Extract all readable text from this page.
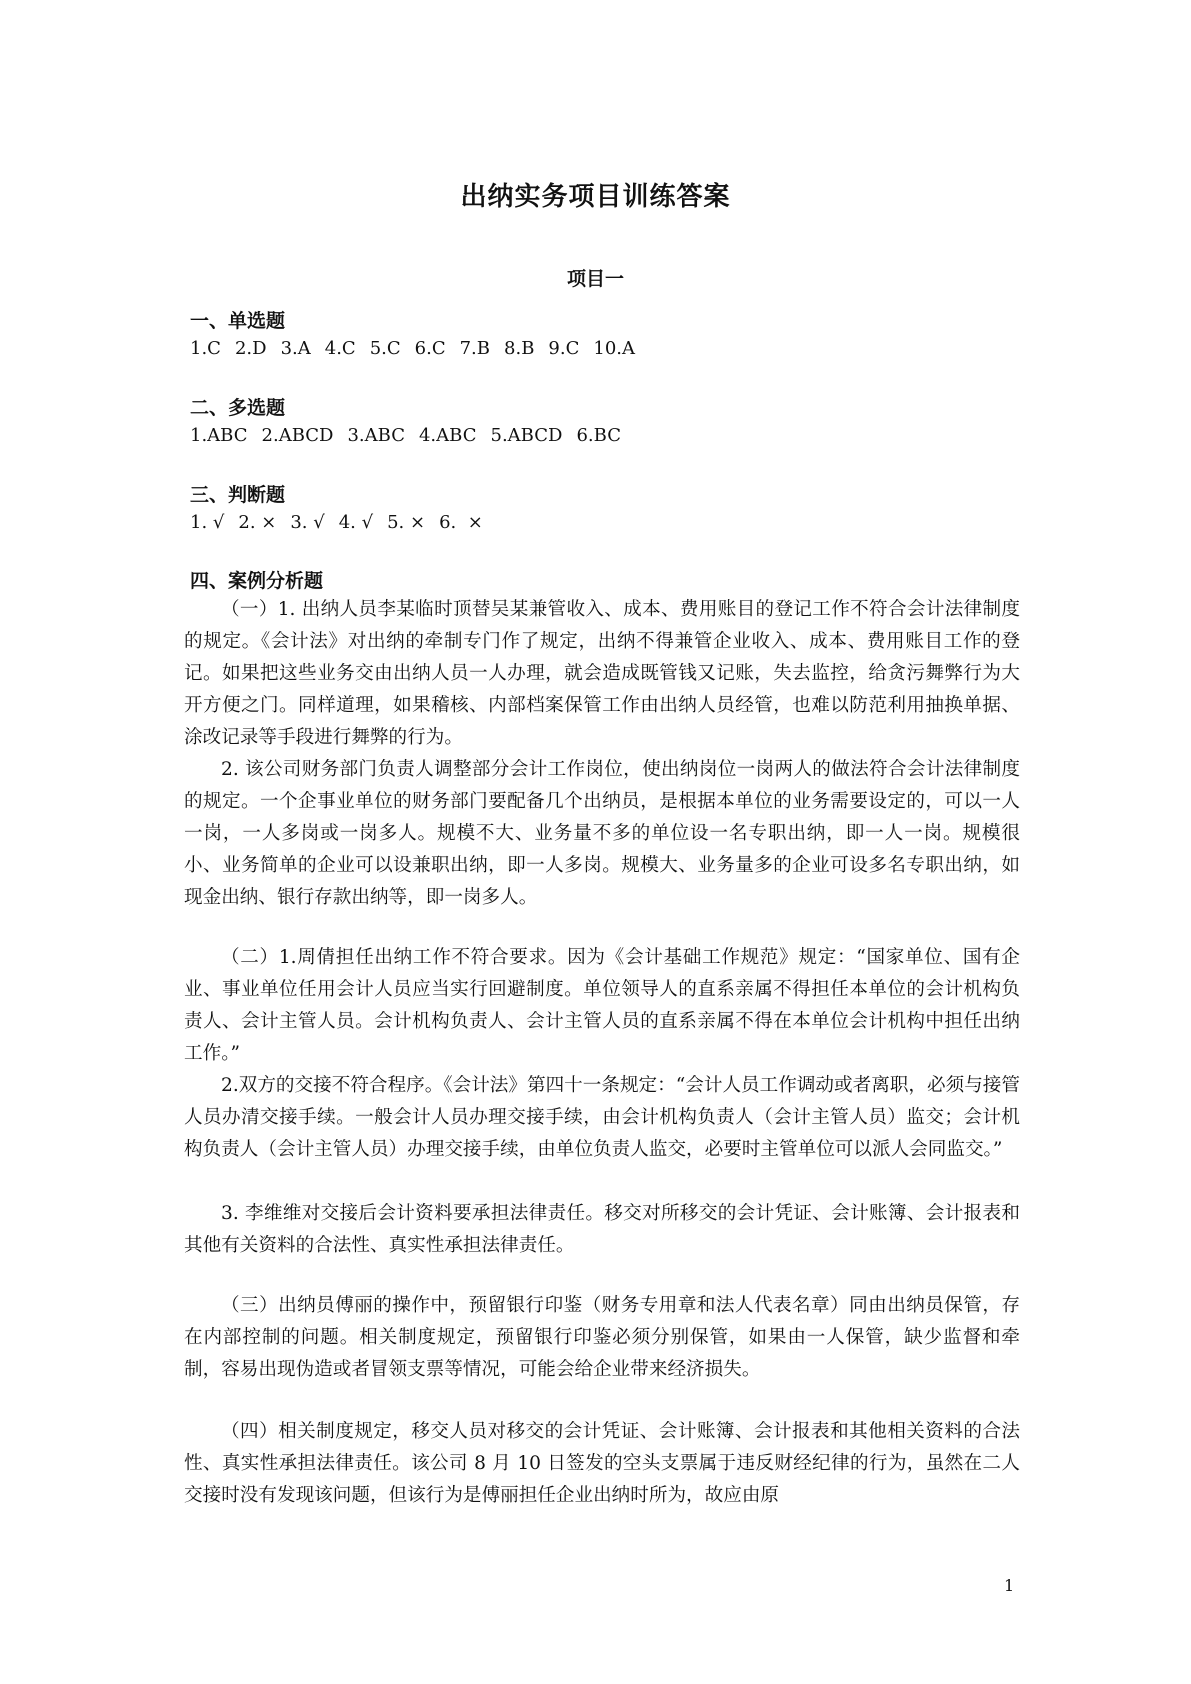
出纳实务项目训练答案
项目一
一、单选题
1.C 2.D 3.A 4.C 5.C 6.C 7.B 8.B 9.C 10.A
二、多选题
1.ABC 2.ABCD 3.ABC 4.ABC 5.ABCD 6.BC
三、判断题
1. √ 2. × 3. √ 4. √ 5. × 6.  ×
四、案例分析题
（一）1. 出纳人员李某临时顶替吴某兼管收入、成本、费用账目的登记工作不符合会计法律制度的规定。《会计法》对出纳的牵制专门作了规定，出纳不得兼管企业收入、成本、费用账目工作的登记。如果把这些业务交由出纳人员一人办理，就会造成既管钱又记账，失去监控，给贪污舞弊行为大开方便之门。同样道理，如果稽核、内部档案保管工作由出纳人员经管，也难以防范利用抽换单据、涂改记录等手段进行舞弊的行为。
2. 该公司财务部门负责人调整部分会计工作岗位，使出纳岗位一岗两人的做法符合会计法律制度的规定。一个企事业单位的财务部门要配备几个出纳员，是根据本单位的业务需要设定的，可以一人一岗，一人多岗或一岗多人。规模不大、业务量不多的单位设一名专职出纳，即一人一岗。规模很小、业务简单的企业可以设兼职出纳，即一人多岗。规模大、业务量多的企业可设多名专职出纳，如现金出纳、银行存款出纳等，即一岗多人。
（二）1.周倩担任出纳工作不符合要求。因为《会计基础工作规范》规定：“国家单位、国有企业、事业单位任用会计人员应当实行回避制度。单位领导人的直系亲属不得担任本单位的会计机构负责人、会计主管人员。会计机构负责人、会计主管人员的直系亲属不得在本单位会计机构中担任出纳工作。”
2.双方的交接不符合程序。《会计法》第四十一条规定：“会计人员工作调动或者离职，必须与接管人员办清交接手续。一般会计人员办理交接手续，由会计机构负责人（会计主管人员）监交；会计机构负责人（会计主管人员）办理交接手续，由单位负责人监交，必要时主管单位可以派人会同监交。”
3. 李维维对交接后会计资料要承担法律责任。移交对所移交的会计凭证、会计账簿、会计报表和其他有关资料的合法性、真实性承担法律责任。
（三）出纳员傅丽的操作中，预留银行印鉴（财务专用章和法人代表名章）同由出纳员保管，存在内部控制的问题。相关制度规定，预留银行印鉴必须分别保管，如果由一人保管，缺少监督和牵制，容易出现伪造或者冒领支票等情况，可能会给企业带来经济损失。
（四）相关制度规定，移交人员对移交的会计凭证、会计账簿、会计报表和其他相关资料的合法性、真实性承担法律责任。该公司 8 月 10 日签发的空头支票属于违反财经纪律的行为，虽然在二人交接时没有发现该问题，但该行为是傅丽担任企业出纳时所为，故应由原
1
